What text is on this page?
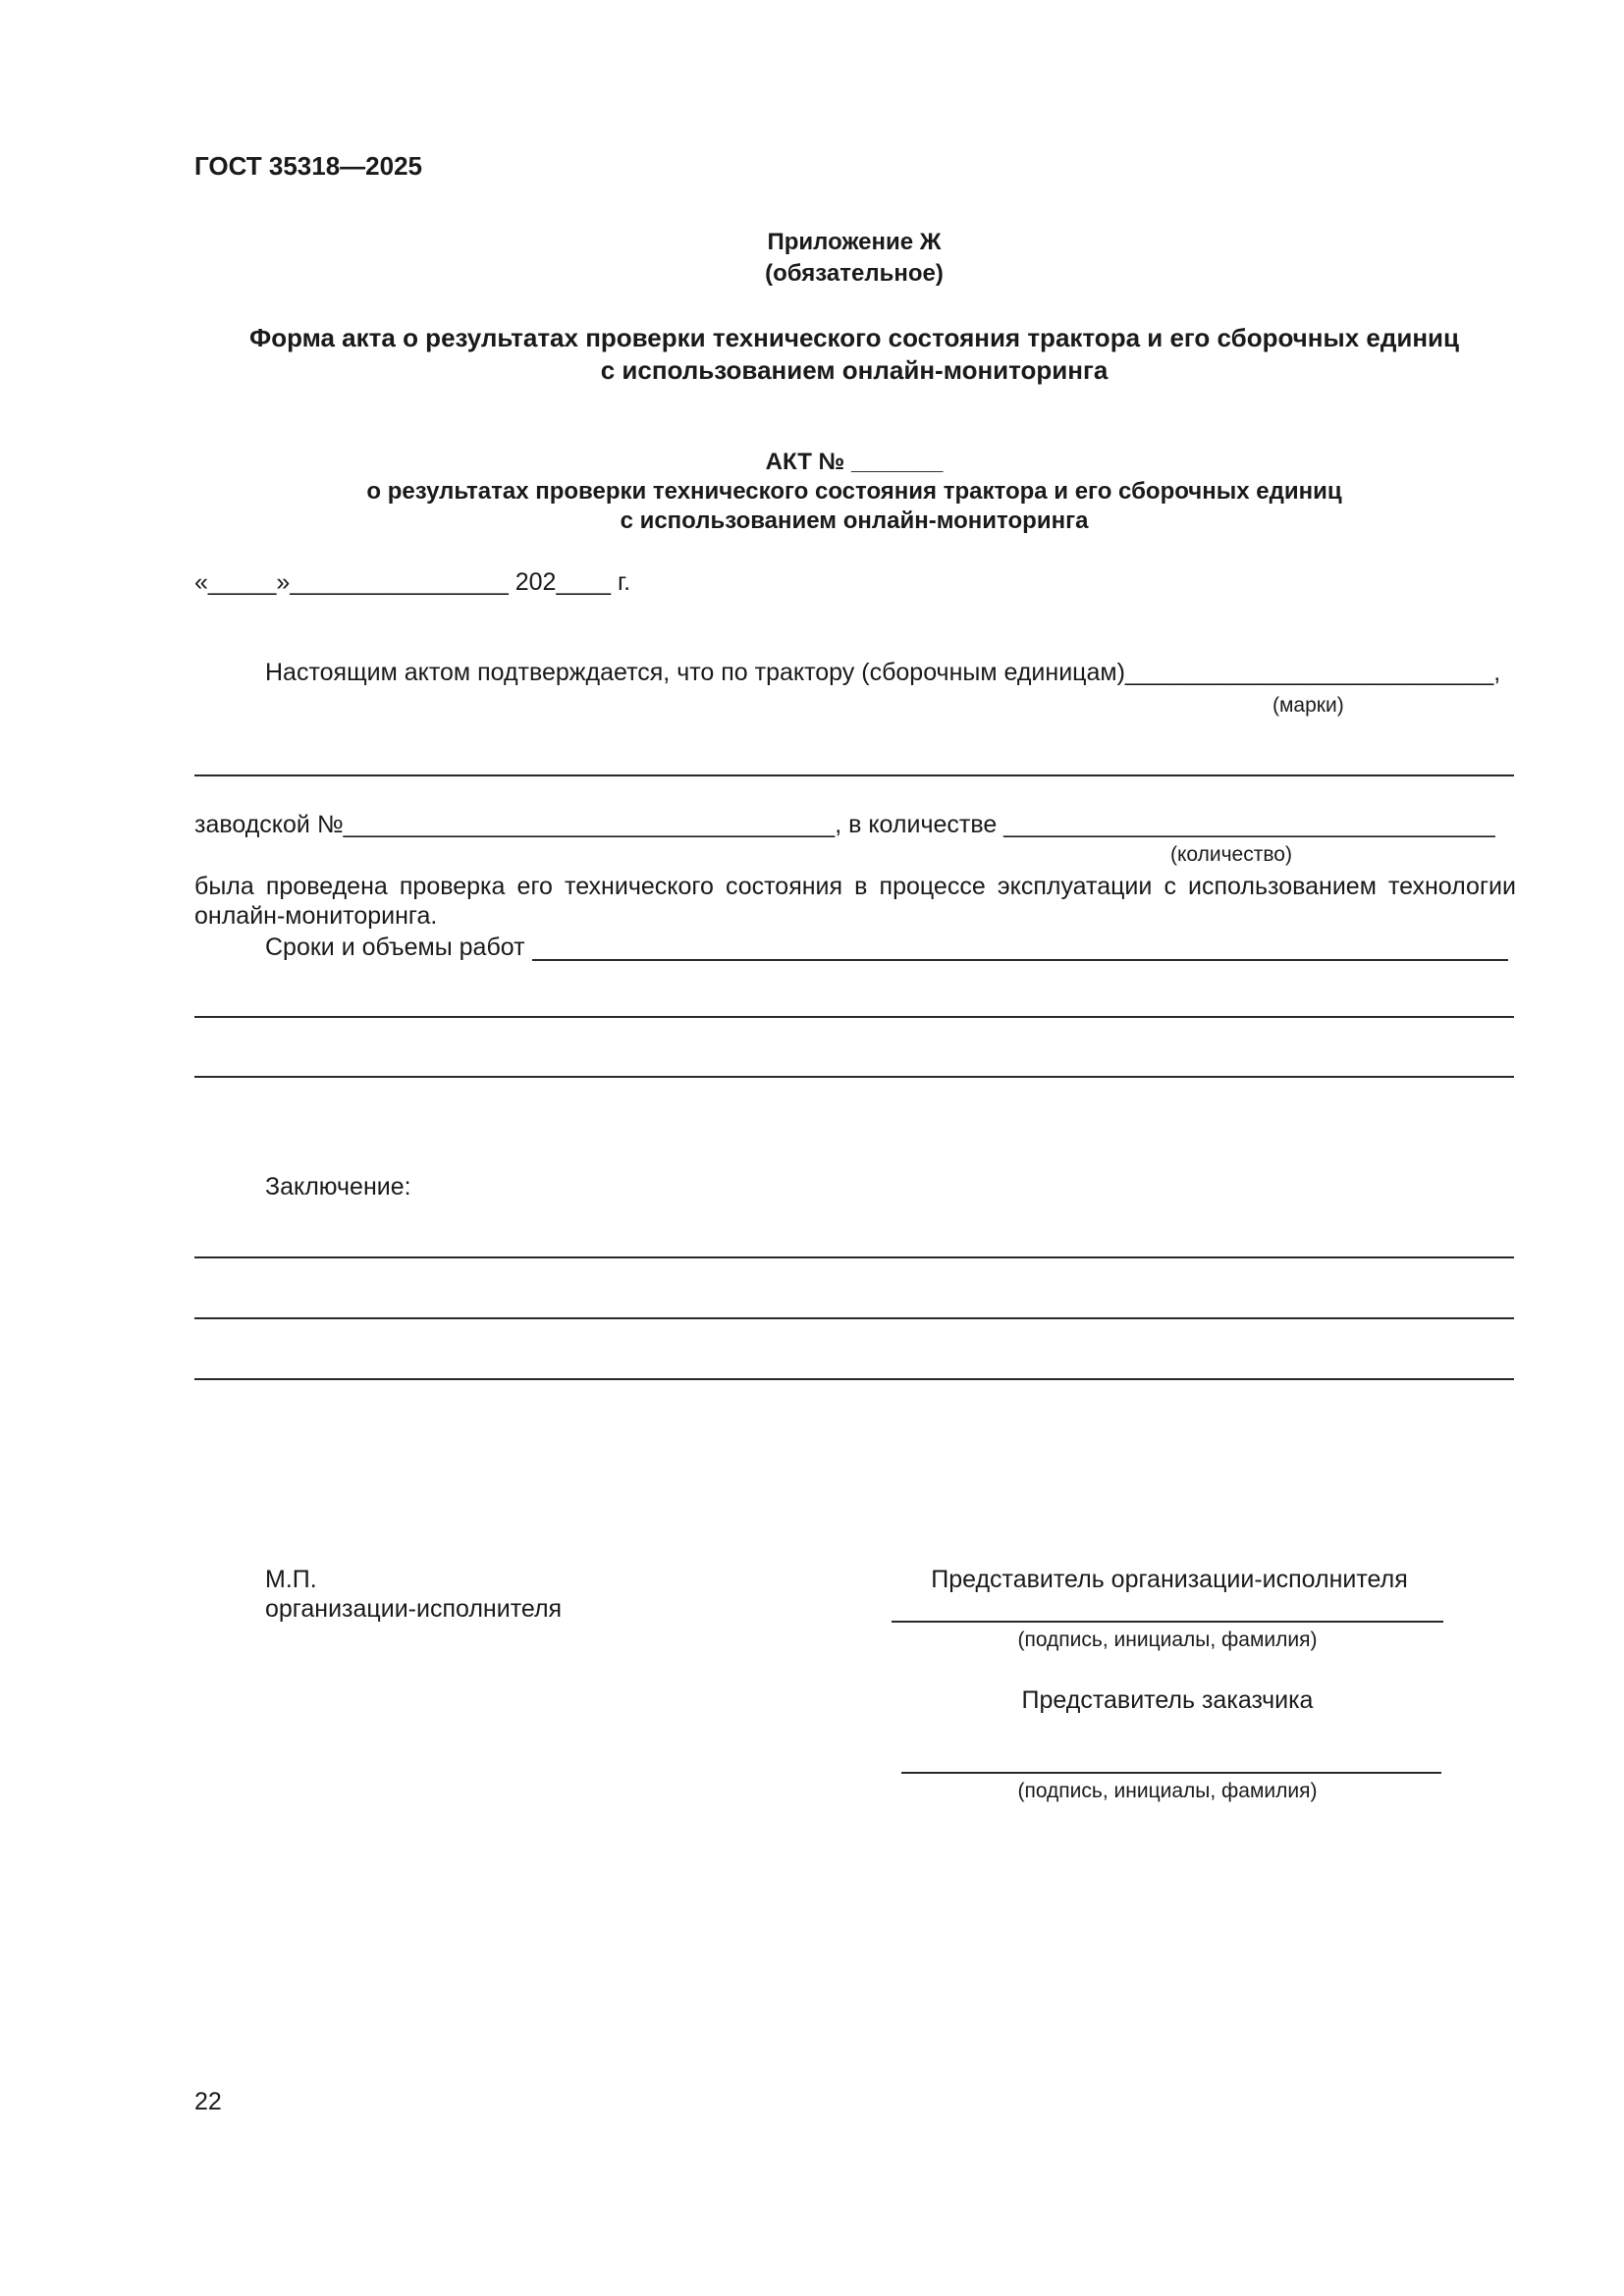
ГОСТ 35318—2025
Приложение Ж
(обязательное)
Форма акта о результатах проверки технического состояния трактора и его сборочных единиц
с использованием онлайн-мониторинга
АКТ № _______
о результатах проверки технического состояния трактора и его сборочных единиц
с использованием онлайн-мониторинга
«_____»________________ 202____ г.
Настоящим актом подтверждается, что по трактору (сборочным единицам)___________________________,
(марки)
заводской №____________________________________, в количестве ____________________________________
(количество)
была проведена проверка его технического состояния в процессе эксплуатации с использованием технологии
онлайн-мониторинга.
Сроки и объемы работ
Заключение:
М.П.
организации-исполнителя
Представитель организации-исполнителя
(подпись, инициалы, фамилия)
Представитель заказчика
(подпись, инициалы, фамилия)
22
